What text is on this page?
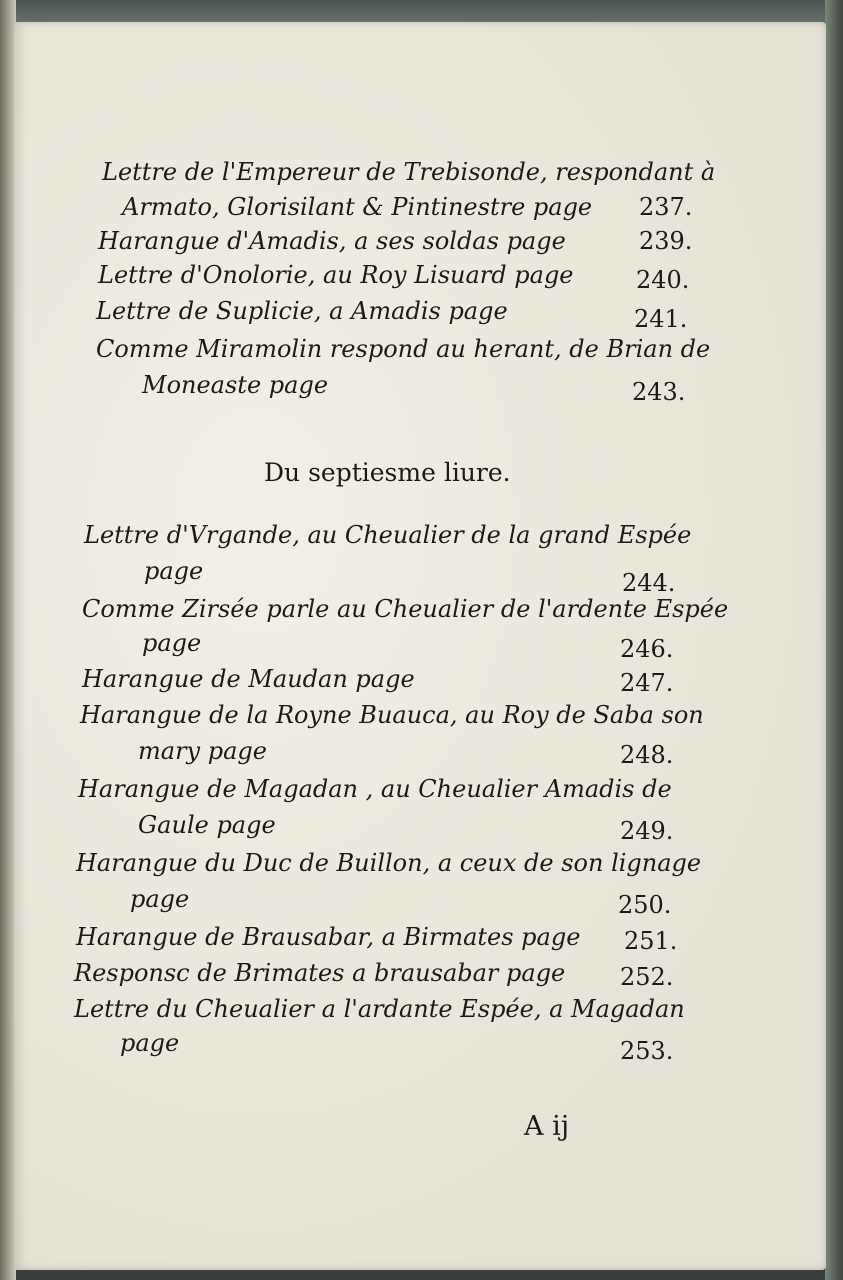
Lettre de l'Empereur de Trebisonde, respondant à
Armato, Glorisilant & Pintinestre page 237.
Harangue d'Amadis, a ses soldas page	239.
Lettre d'Onolorie, au Roy Lisuard page	240.
Lettre de Suplicie, a Amadis page	241.
Comme Miramolin respond au herant, de Brian de
Moneaste page	243.
Du septiesme liure.
Lettre d'Vrgande, au Cheualier de la grand Espée
page	244.
Comme Zirsée parle au Cheualier de l'ardente Espée
page	246.
Harangue de Maudan page	247.
Harangue de la Royne Buauca, au Roy de Saba son
mary page	248.
Harangue de Magadan , au Cheualier Amadis de
Gaule page	249.
Harangue du Duc de Buillon, a ceux de son lignage
page	250.
Harangue de Brausabar, a Birmates page 251.
Responsc de Brimates a brausabar page 252.
Lettre du Cheualier a l'ardante Espée, a Magadan
page	253.
A ij
